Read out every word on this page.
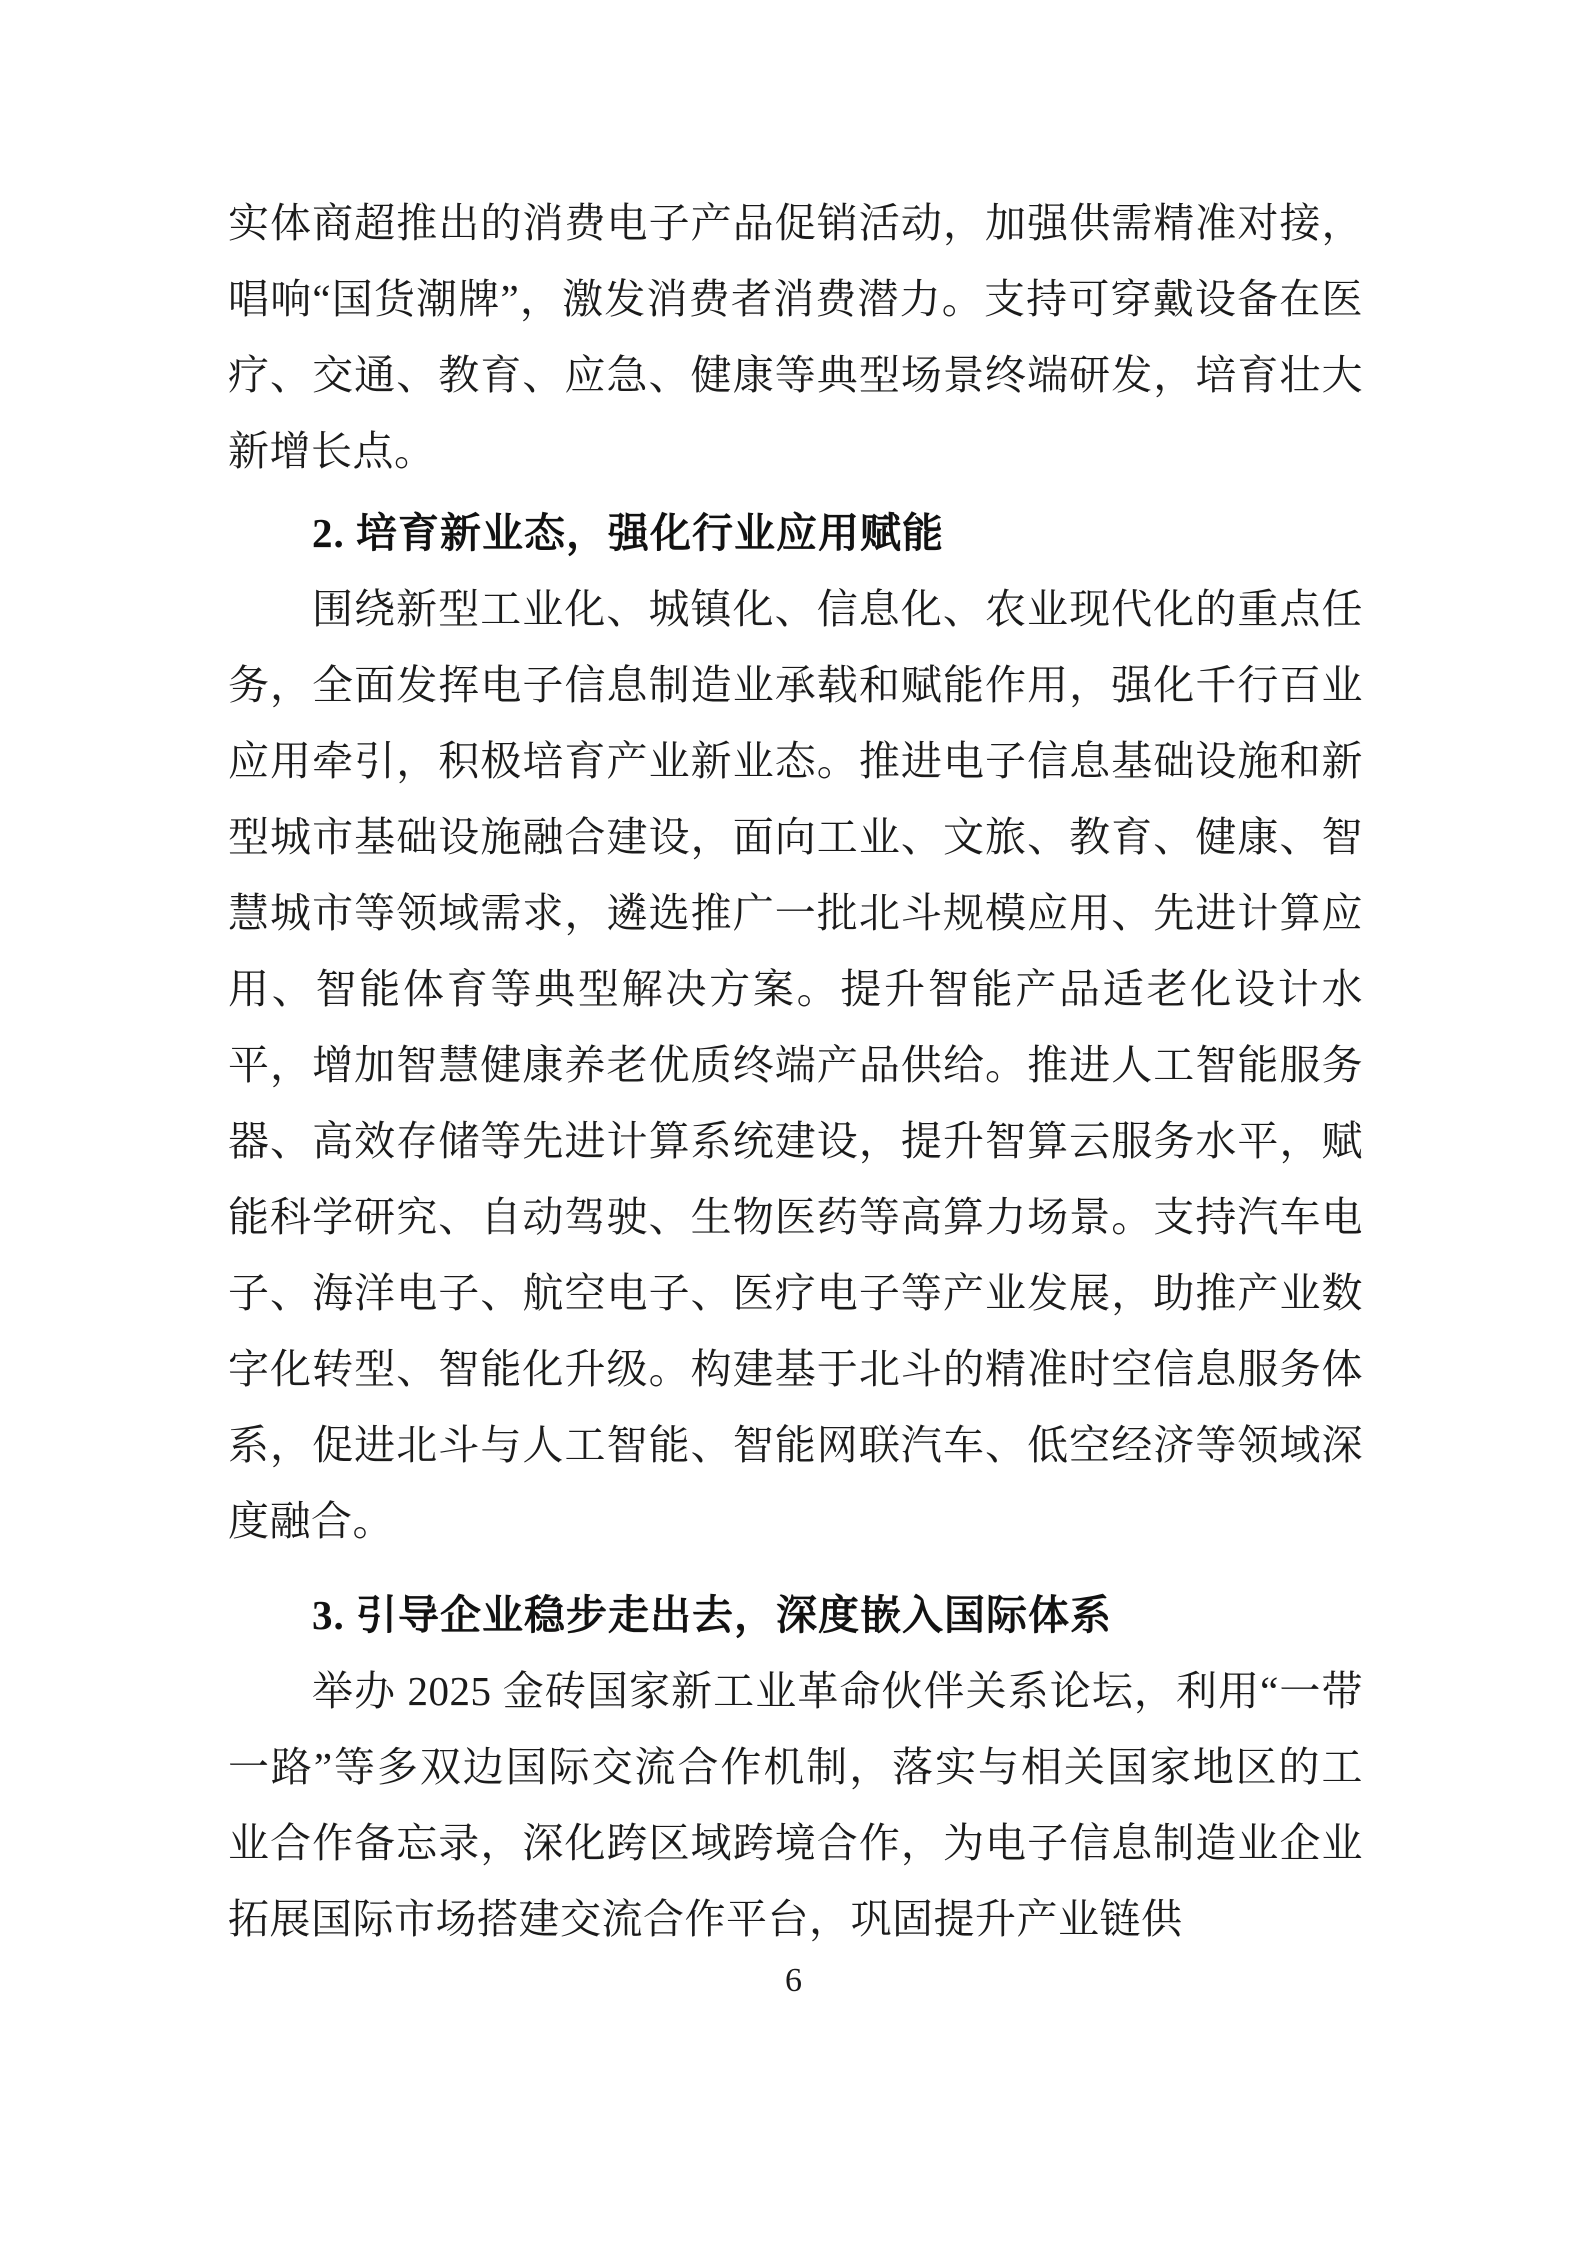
实体商超推出的消费电子产品促销活动，加强供需精准对接，唱响“国货潮牌”，激发消费者消费潜力。支持可穿戴设备在医疗、交通、教育、应急、健康等典型场景终端研发，培育壮大新增长点。

2. 培育新业态，强化行业应用赋能

围绕新型工业化、城镇化、信息化、农业现代化的重点任务，全面发挥电子信息制造业承载和赋能作用，强化千行百业应用牵引，积极培育产业新业态。推进电子信息基础设施和新型城市基础设施融合建设，面向工业、文旅、教育、健康、智慧城市等领域需求，遴选推广一批北斗规模应用、先进计算应用、智能体育等典型解决方案。提升智能产品适老化设计水平，增加智慧健康养老优质终端产品供给。推进人工智能服务器、高效存储等先进计算系统建设，提升智算云服务水平，赋能科学研究、自动驾驶、生物医药等高算力场景。支持汽车电子、海洋电子、航空电子、医疗电子等产业发展，助推产业数字化转型、智能化升级。构建基于北斗的精准时空信息服务体系，促进北斗与人工智能、智能网联汽车、低空经济等领域深度融合。

3. 引导企业稳步走出去，深度嵌入国际体系

举办 2025 金砖国家新工业革命伙伴关系论坛，利用“一带一路”等多双边国际交流合作机制，落实与相关国家地区的工业合作备忘录，深化跨区域跨境合作，为电子信息制造业企业拓展国际市场搭建交流合作平台，巩固提升产业链供

6
